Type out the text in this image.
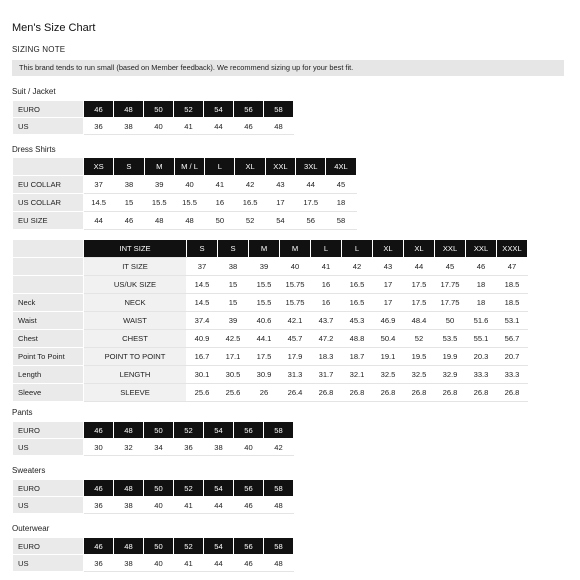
Men's Size Chart
SIZING NOTE
This brand tends to run small (based on Member feedback). We recommend sizing up for your best fit.
Suit / Jacket
EURO	46	48	50	52	54	56	58
US	36	38	40	41	44	46	48
Dress Shirts
	XS	S	M	M / L	L	XL	XXL	3XL	4XL
EU COLLAR	37	38	39	40	41	42	43	44	45
US COLLAR	14.5	15	15.5	15.5	16	16.5	17	17.5	18
EU SIZE	44	46	48	48	50	52	54	56	58
	INT SIZE	S	S	M	M	L	L	XL	XL	XXL	XXL	XXXL
	IT SIZE	37	38	39	40	41	42	43	44	45	46	47
	US/UK SIZE	14.5	15	15.5	15.75	16	16.5	17	17.5	17.75	18	18.5
Neck	NECK	14.5	15	15.5	15.75	16	16.5	17	17.5	17.75	18	18.5
Waist	WAIST	37.4	39	40.6	42.1	43.7	45.3	46.9	48.4	50	51.6	53.1
Chest	CHEST	40.9	42.5	44.1	45.7	47.2	48.8	50.4	52	53.5	55.1	56.7
Point To Point	POINT TO POINT	16.7	17.1	17.5	17.9	18.3	18.7	19.1	19.5	19.9	20.3	20.7
Length	LENGTH	30.1	30.5	30.9	31.3	31.7	32.1	32.5	32.5	32.9	33.3	33.3
Sleeve	SLEEVE	25.6	25.6	26	26.4	26.8	26.8	26.8	26.8	26.8	26.8	26.8
Pants
EURO	46	48	50	52	54	56	58
US	30	32	34	36	38	40	42
Sweaters
EURO	46	48	50	52	54	56	58
US	36	38	40	41	44	46	48
Outerwear
EURO	46	48	50	52	54	56	58
US	36	38	40	41	44	46	48
